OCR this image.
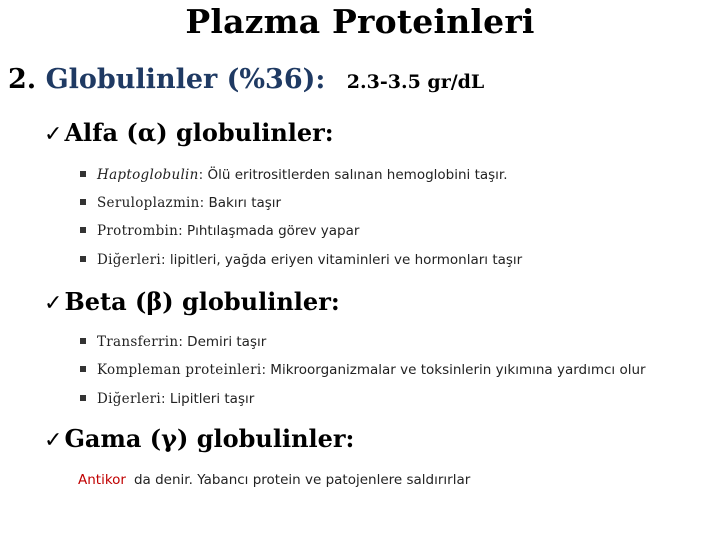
Plazma Proteinleri
2. Globulinler (%36): 2.3-3.5 gr/dL
✓Alfa (α) globulinler:
Haptoglobulin: Ölü eritrositlerden salınan hemoglobini taşır.
Seruloplazmin: Bakırı taşır
Protrombin: Pıhtılaşmada görev yapar
Diğerleri: lipitleri, yağda eriyen vitaminleri ve hormonları taşır
✓Beta (β) globulinler:
Transferrin: Demiri taşır
Kompleman proteinleri: Mikroorganizmalar ve toksinlerin yıkımına yardımcı olur
Diğerleri: Lipitleri taşır
✓Gama (γ) globulinler:
Antikor da denir. Yabancı protein ve patojenlere saldırırlar
